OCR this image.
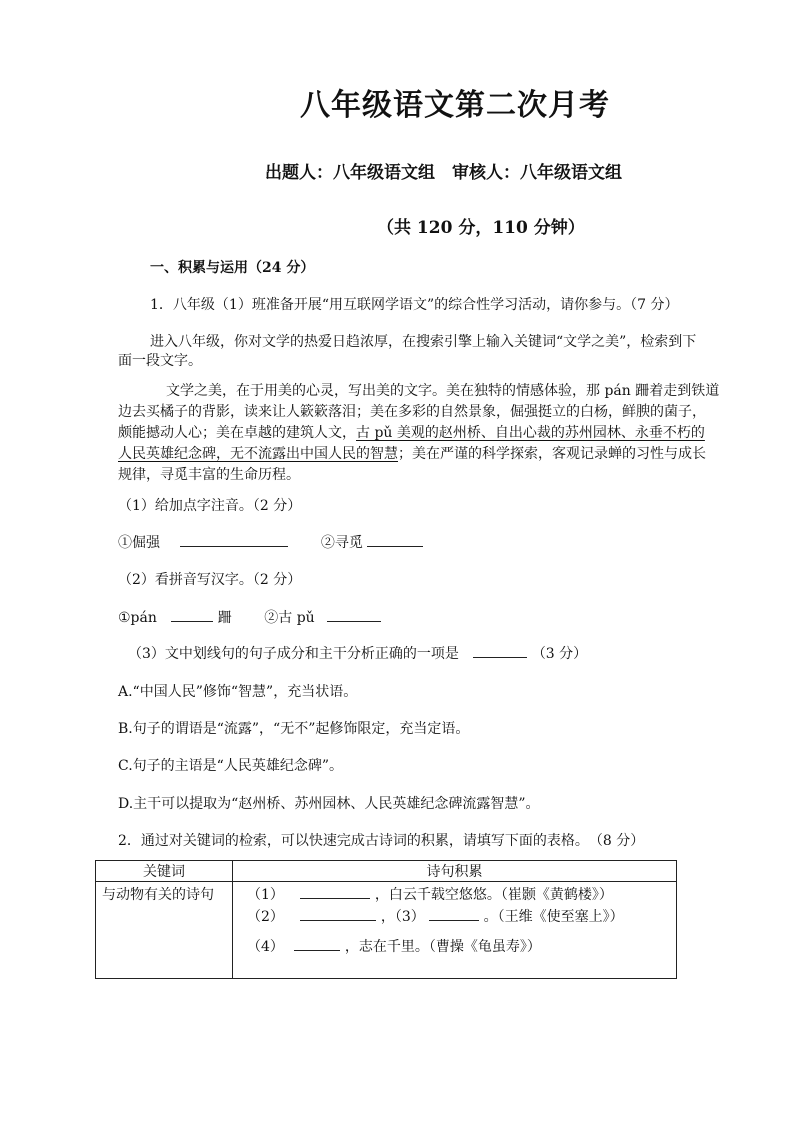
八年级语文第二次月考
出题人：八年级语文组　审核人：八年级语文组
（共 120 分，110 分钟）
一、积累与运用（24 分）
1．八年级（1）班准备开展“用互联网学语文”的综合性学习活动，请你参与。（7 分）
进入八年级，你对文学的热爱日趋浓厚，在搜索引擎上输入关键词“文学之美”，检索到下
面一段文字。

文学之美，在于用美的心灵，写出美的文字。美在独特的情感体验，那 pán 跚着走到铁道

边去买橘子的背影，读来让人簌簌落泪；美在多彩的自然景象，倔强挺立的白杨，鲜腴的菌子，

颇能撼动人心；美在卓越的建筑人文，古 pǔ 美观的赵州桥、自出心裁的苏州园林、永垂不朽的

人民英雄纪念碑，无不流露出中国人民的智慧；美在严谨的科学探索，客观记录蝉的习性与成长

规律，寻觅丰富的生命历程。

（1）给加点字注音。（2 分）
①倔强	②寻觅
（2）看拼音写汉字。（2 分）
①pán	跚 ②古 pǔ
（3）文中划线句的句子成分和主干分析正确的一项是	（3 分）
A.“中国人民”修饰“智慧”，充当状语。
B.句子的谓语是“流露”，“无不”起修饰限定，充当定语。
C.句子的主语是“人民英雄纪念碑”。
D.主干可以提取为“赵州桥、苏州园林、人民英雄纪念碑流露智慧”。
2．通过对关键词的检索，可以快速完成古诗词的积累，请填写下面的表格。　（8 分）
关键词	诗句积累
与动物有关的诗句	（1） ，白云千载空悠悠。（崔颢《黄鹤楼》）
（2） ，（3） 。（王维《使至塞上》）
（4） ，志在千里。（曹操《龟虽寿》）
